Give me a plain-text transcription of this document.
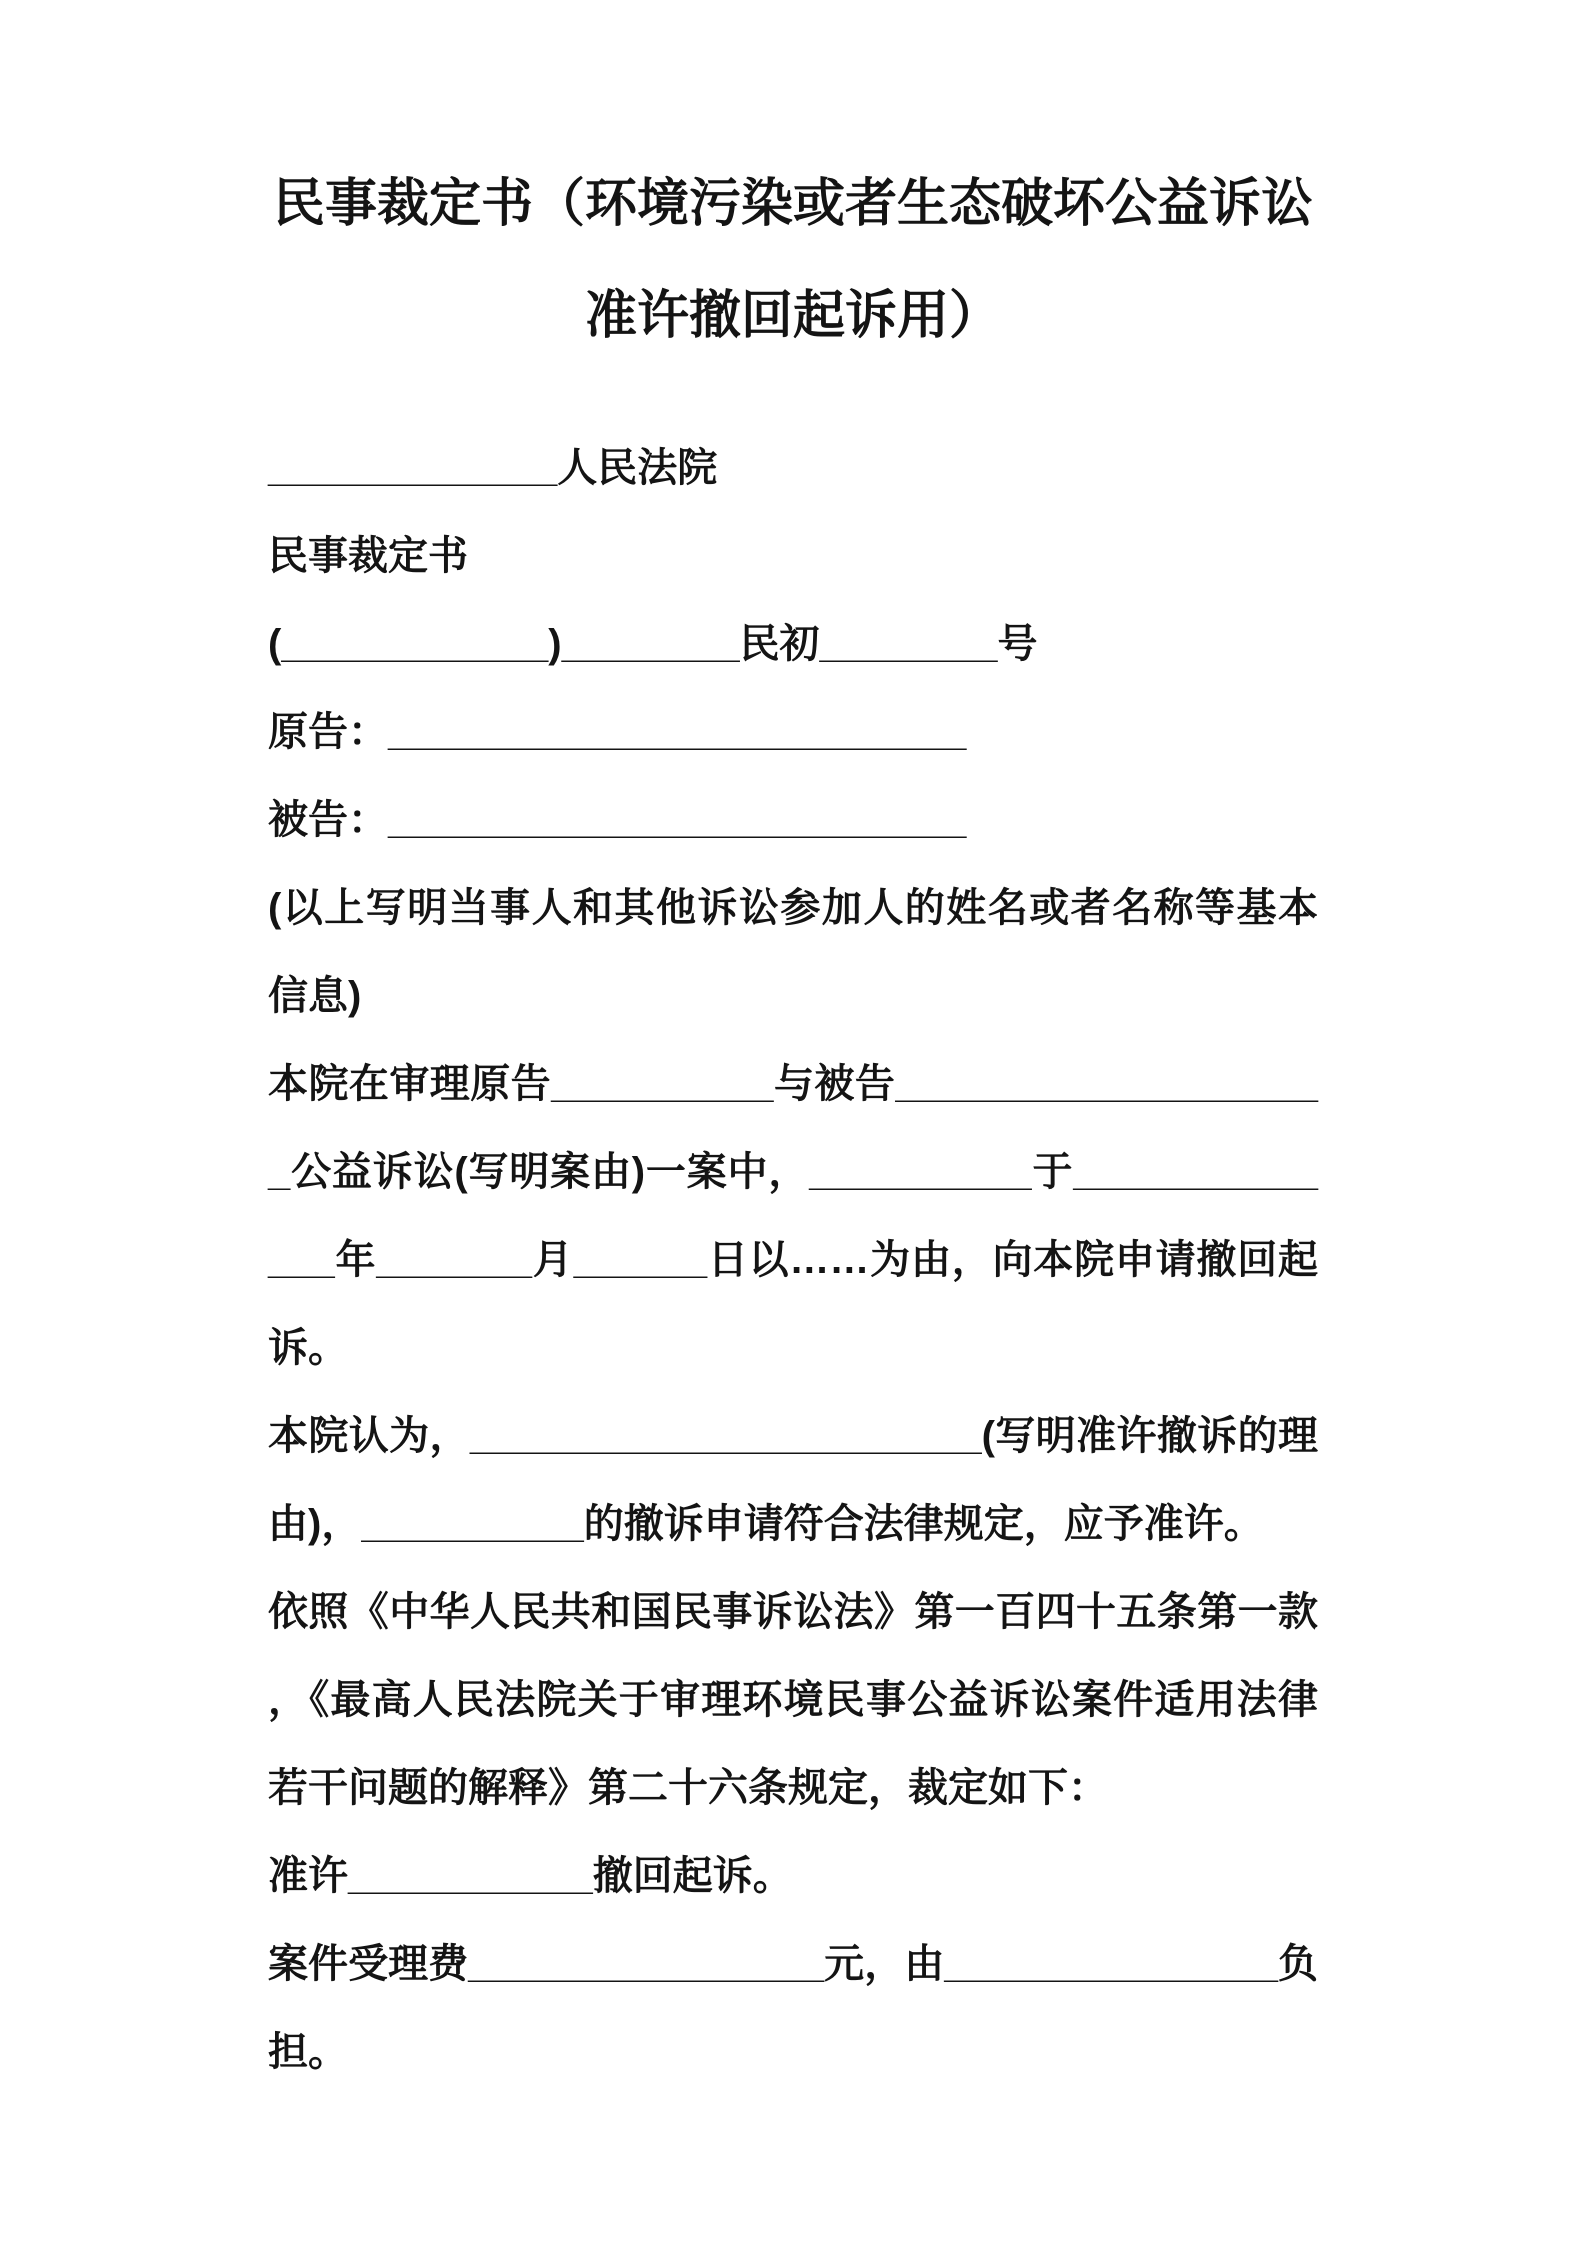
民事裁定书（环境污染或者生态破坏公益诉讼准许撤回起诉用）

_____________人民法院

民事裁定书

(____________)________民初________号

原告：__________________________

被告：__________________________

(以上写明当事人和其他诉讼参加人的姓名或者名称等基本信息)

本院在审理原告__________与被告____________________公益诉讼(写明案由)一案中，__________于______________年_______月______日以……为由，向本院申请撤回起诉。

本院认为，_______________________(写明准许撤诉的理由)，__________的撤诉申请符合法律规定，应予准许。

依照《中华人民共和国民事诉讼法》第一百四十五条第一款，《最高人民法院关于审理环境民事公益诉讼案件适用法律若干问题的解释》第二十六条规定，裁定如下：

准许___________撤回起诉。

案件受理费________________元，由_______________负担。
